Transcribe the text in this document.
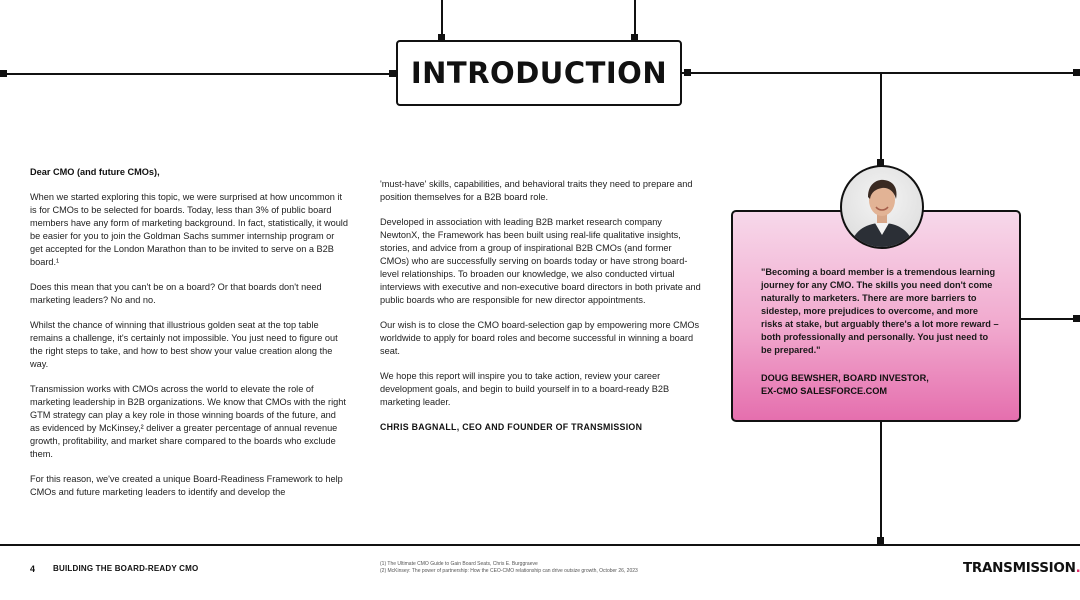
INTRODUCTION

Dear CMO (and future CMOs),

When we started exploring this topic, we were surprised at how uncommon it is for CMOs to be selected for boards. Today, less than 3% of public board members have any form of marketing background. In fact, statistically, it would be easier for you to join the Goldman Sachs summer internship program or get accepted for the London Marathon than to be invited to serve on a B2B board.¹

Does this mean that you can't be on a board? Or that boards don't need marketing leaders? No and no.

Whilst the chance of winning that illustrious golden seat at the top table remains a challenge, it's certainly not impossible. You just need to figure out the right steps to take, and how to best show your value creation along the way.

Transmission works with CMOs across the world to elevate the role of marketing leadership in B2B organizations. We know that CMOs with the right GTM strategy can play a key role in those winning boards of the future, and as evidenced by McKinsey,² deliver a greater percentage of annual revenue growth, profitability, and market share compared to the boards who exclude them.

For this reason, we've created a unique Board-Readiness Framework to help CMOs and future marketing leaders to identify and develop the

'must-have' skills, capabilities, and behavioral traits they need to prepare and position themselves for a B2B board role.

Developed in association with leading B2B market research company NewtonX, the Framework has been built using real-life qualitative insights, stories, and advice from a group of inspirational B2B CMOs (and former CMOs) who are successfully serving on boards today or have strong board-level relationships. To broaden our knowledge, we also conducted virtual interviews with executive and non-executive board directors in both private and public boards who are responsible for new director appointments.

Our wish is to close the CMO board-selection gap by empowering more CMOs worldwide to apply for board roles and become successful in winning a board seat.

We hope this report will inspire you to take action, review your career development goals, and begin to build yourself in to a board-ready B2B marketing leader.

CHRIS BAGNALL, CEO AND FOUNDER OF TRANSMISSION

"Becoming a board member is a tremendous learning journey for any CMO. The skills you need don't come naturally to marketers. There are more barriers to sidestep, more prejudices to overcome, and more risks at stake, but arguably there's a lot more reward – both professionally and personally. You just need to be prepared."
DOUG BEWSHER, BOARD INVESTOR,
EX-CMO SALESFORCE.COM
4 BUILDING THE BOARD-READY CMO	(1) The Ultimate CMO Guide to Gain Board Seats, Chris E. Burggraeve
(2) McKinsey: The power of partnership: How the CEO-CMO relationship can drive outsize growth, October 26, 2023	TRANSMISSION.
